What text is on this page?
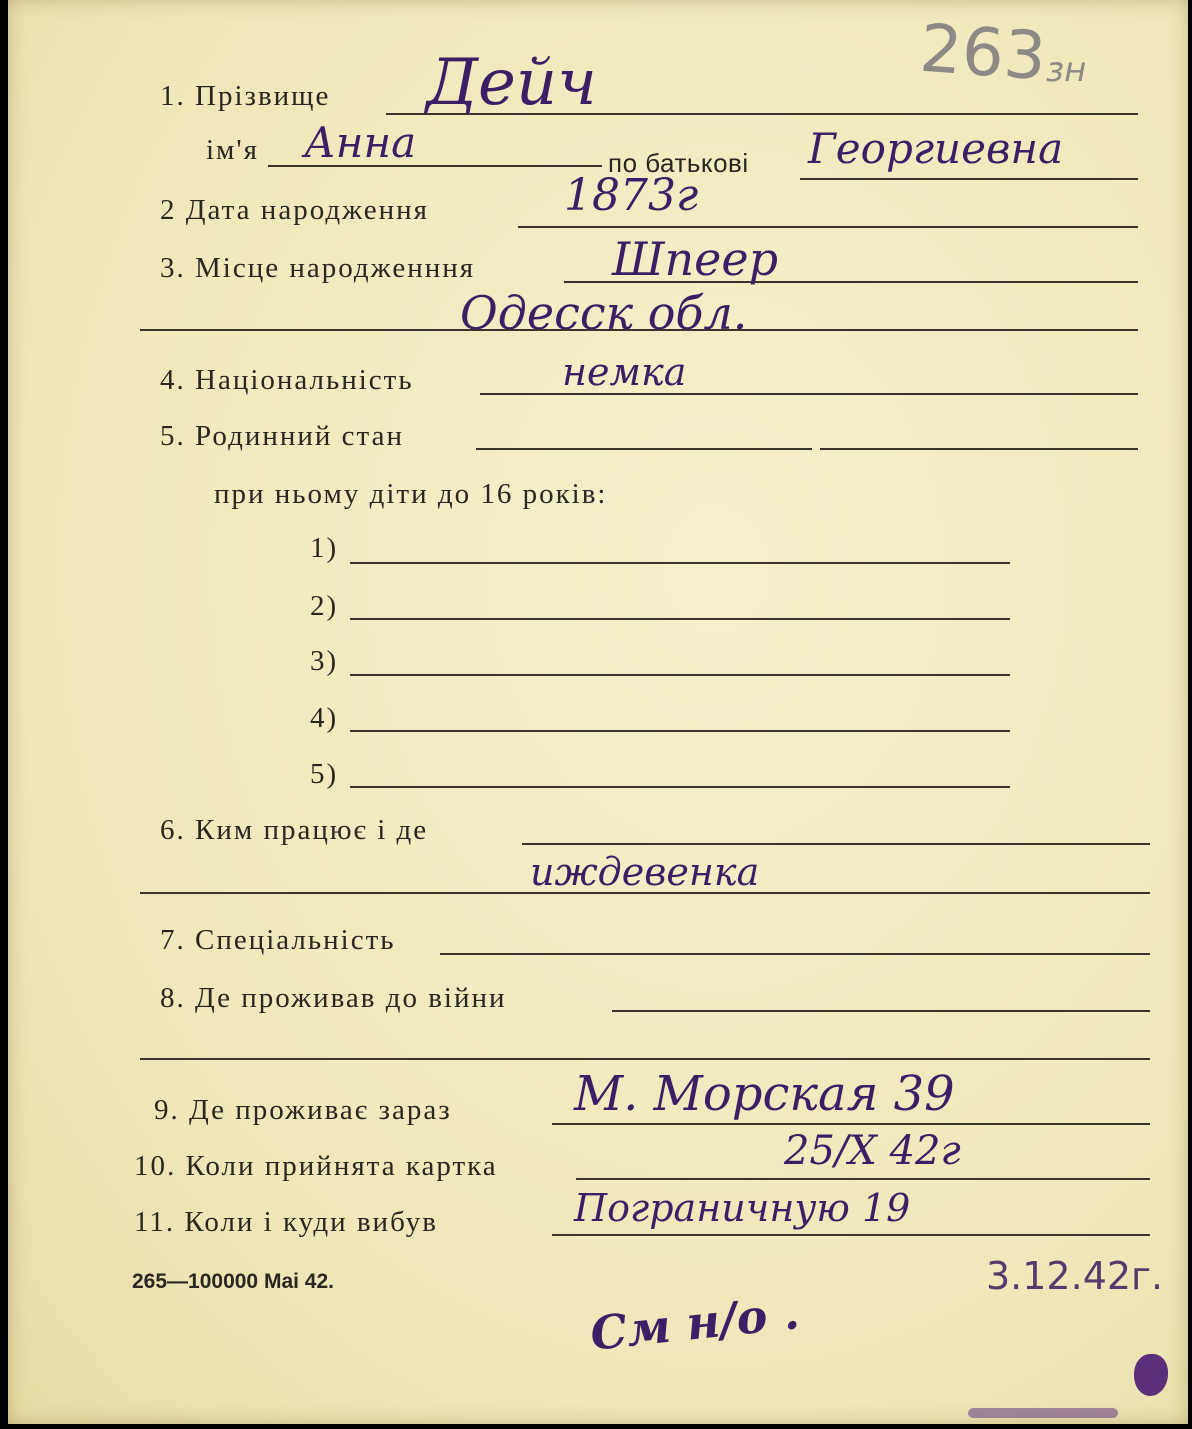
263
зн
1. Прізвище Дейч
ім'я Анна	по батькові Георгиевна
2 Дата народження	1873г
3. Місце народженння	Шпеер
Одесск обл.
4. Національність	немка
5. Родинний стан
при ньому діти до 16 років:
1)
2)
3)
4)
5)
6. Ким працює і де
иждевенка
7. Спеціальність
8. Де проживав до війни
9. Де проживає зараз	М. Морская 39
10. Коли прийнята картка	25/X 42г
11. Коли і куди вибув	Пограничную 19
3.12.42г.
265—100000 Mai 42.
См н/о .
